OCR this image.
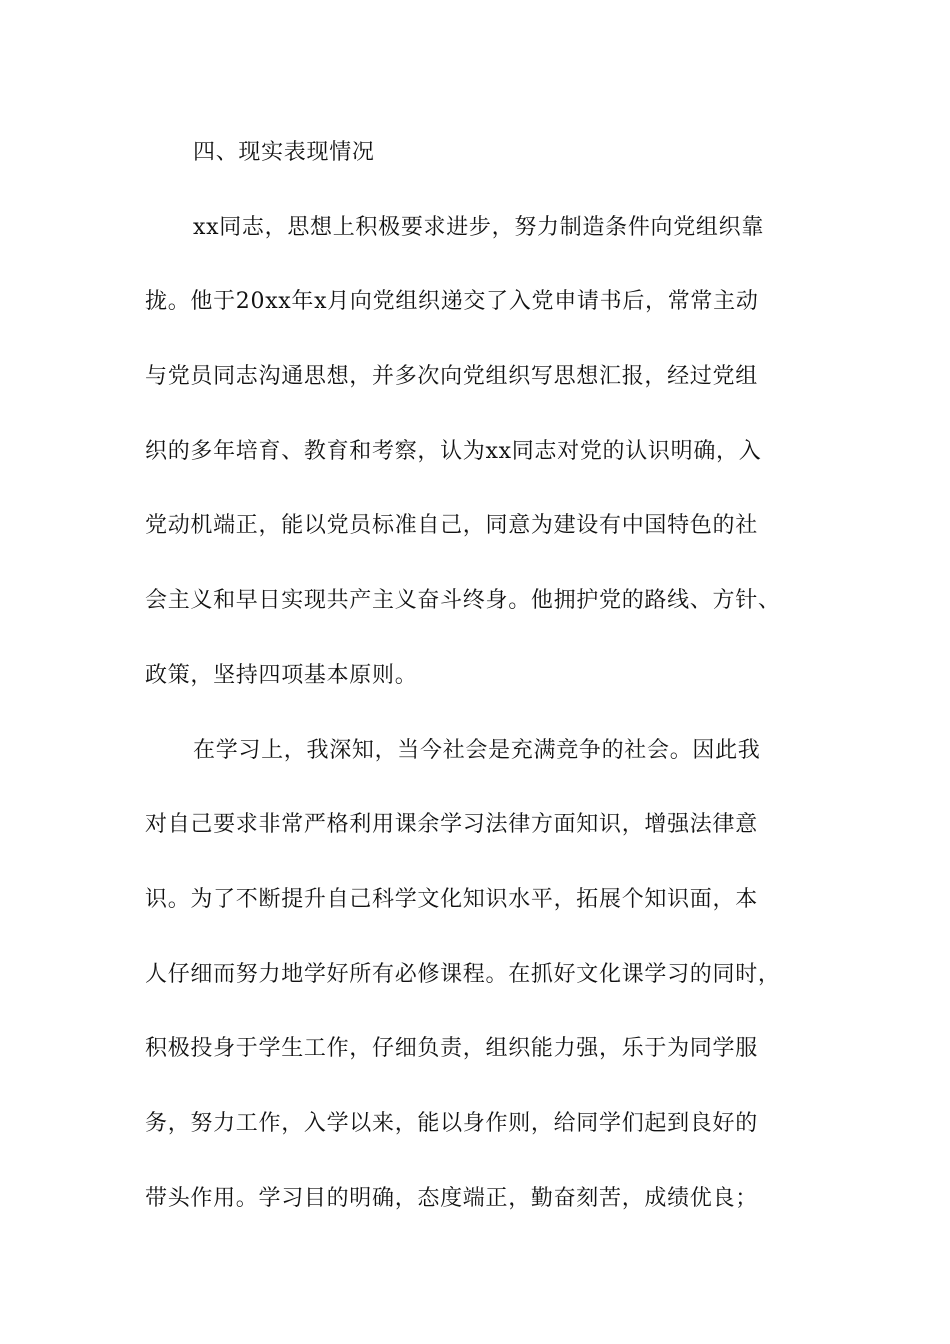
四、现实表现情况
xx同志，思想上积极要求进步，努力制造条件向党组织靠
拢。他于20xx年x月向党组织递交了入党申请书后，常常主动
与党员同志沟通思想，并多次向党组织写思想汇报，经过党组
织的多年培育、教育和考察，认为xx同志对党的认识明确，入
党动机端正，能以党员标准自己，同意为建设有中国特色的社
会主义和早日实现共产主义奋斗终身。他拥护党的路线、方针、
政策，坚持四项基本原则。
在学习上，我深知，当今社会是充满竞争的社会。因此我
对自己要求非常严格利用课余学习法律方面知识，增强法律意
识。为了不断提升自己科学文化知识水平，拓展个知识面，本
人仔细而努力地学好所有必修课程。在抓好文化课学习的同时，
积极投身于学生工作，仔细负责，组织能力强，乐于为同学服
务，努力工作，入学以来，能以身作则，给同学们起到良好的
带头作用。学习目的明确，态度端正，勤奋刻苦，成绩优良；
